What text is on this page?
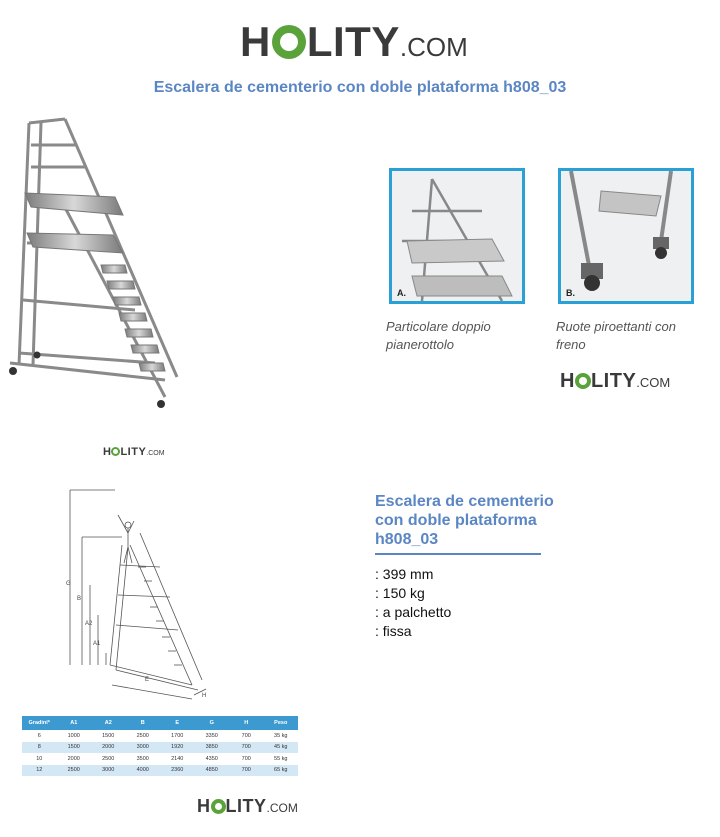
H LITY .COM
Escalera de cementerio con doble plataforma h808_03
A.	B.
Particolare doppio pianerottolo
Ruote piroettanti con freno
H LITY .COM
H LITY .COM
G
B
A2
A1
E
H
Gradini*	A1	A2	B	E	G	H	Peso
6	1000	1500	2500	1700	3350	700	35 kg
8	1500	2000	3000	1920	3850	700	45 kg
10	2000	2500	3500	2140	4350	700	55 kg
12	2500	3000	4000	2360	4850	700	65 kg
H LITY .COM
Escalera de cementerio con doble plataforma h808_03
: 399 mm
: 150 kg
: a palchetto
: fissa
